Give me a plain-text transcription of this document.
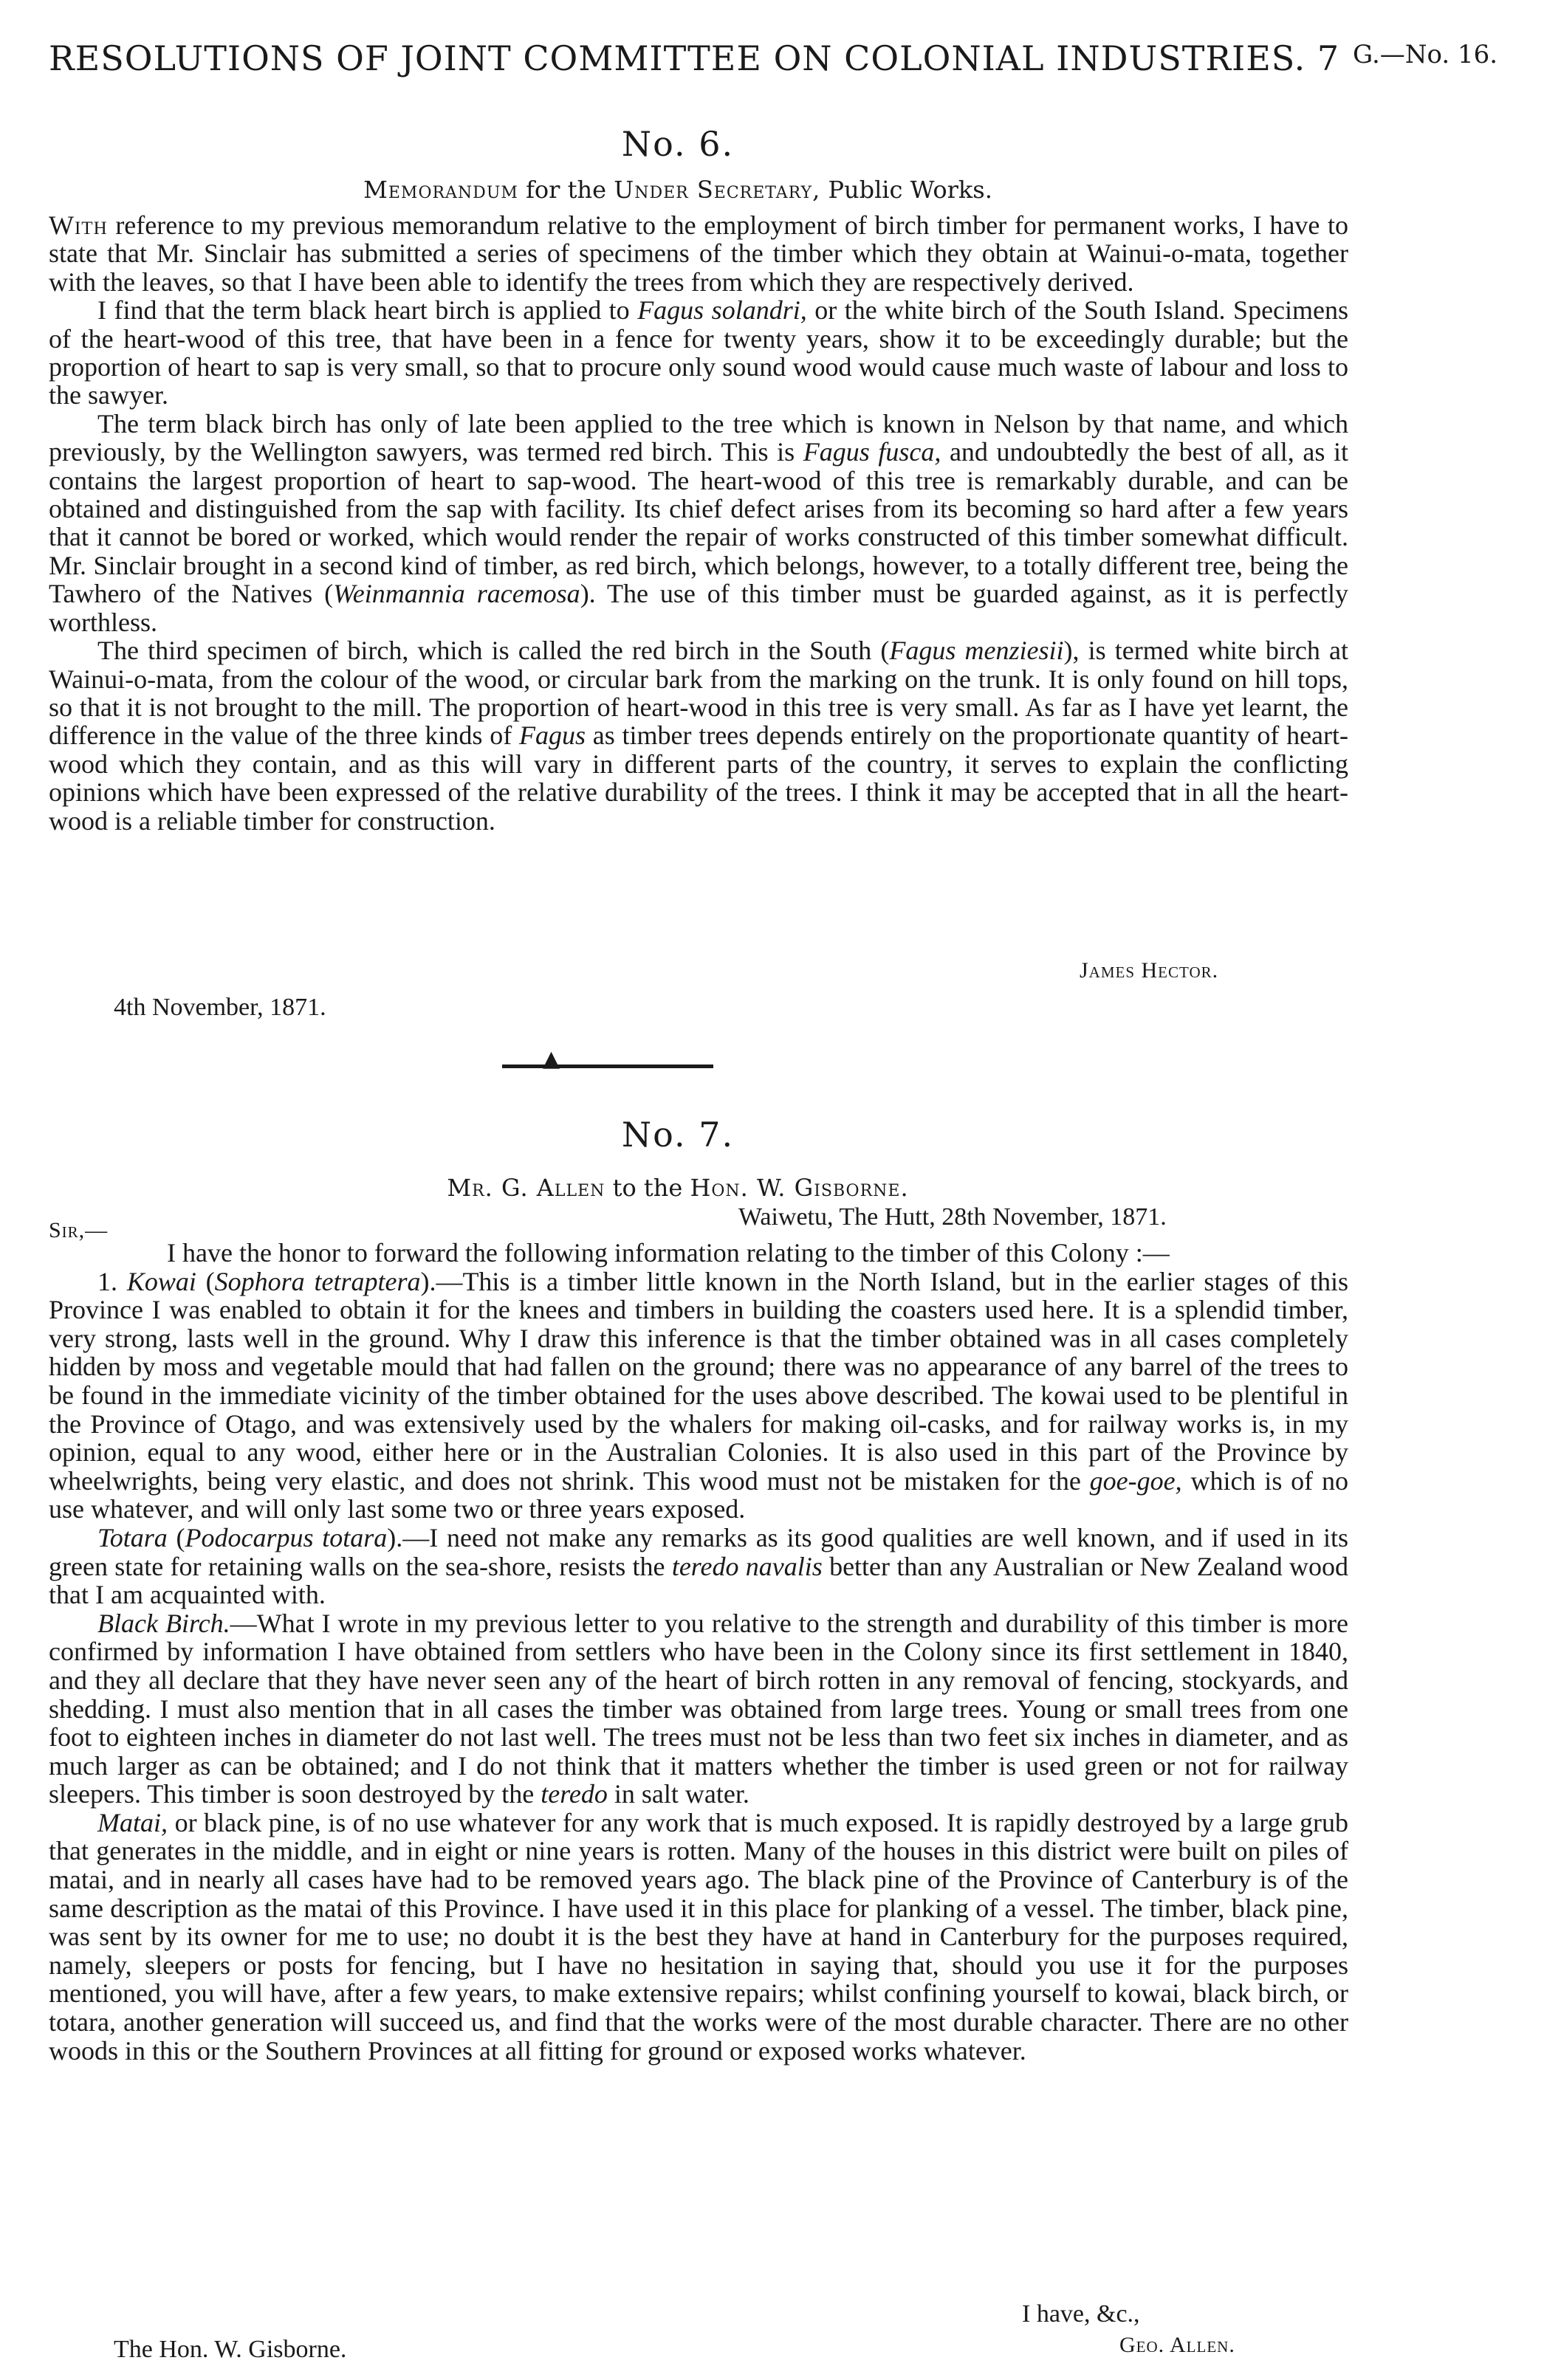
RESOLUTIONS OF JOINT COMMITTEE ON COLONIAL INDUSTRIES. 7 G.—No. 16.
No. 6.
Memorandum for the Under Secretary, Public Works.

With reference to my previous memorandum relative to the employment of birch timber for permanent works, I have to state that Mr. Sinclair has submitted a series of specimens of the timber which they obtain at Wainui-o-mata, together with the leaves, so that I have been able to identify the trees from which they are respectively derived.

I find that the term black heart birch is applied to Fagus solandri, or the white birch of the South Island. Specimens of the heart-wood of this tree, that have been in a fence for twenty years, show it to be exceedingly durable; but the proportion of heart to sap is very small, so that to procure only sound wood would cause much waste of labour and loss to the sawyer.

The term black birch has only of late been applied to the tree which is known in Nelson by that name, and which previously, by the Wellington sawyers, was termed red birch. This is Fagus fusca, and undoubtedly the best of all, as it contains the largest proportion of heart to sap-wood. The heart-wood of this tree is remarkably durable, and can be obtained and distinguished from the sap with facility. Its chief defect arises from its becoming so hard after a few years that it cannot be bored or worked, which would render the repair of works constructed of this timber somewhat difficult. Mr. Sinclair brought in a second kind of timber, as red birch, which belongs, however, to a totally different tree, being the Tawhero of the Natives (Weinmannia racemosa). The use of this timber must be guarded against, as it is perfectly worthless.

The third specimen of birch, which is called the red birch in the South (Fagus menziesii), is termed white birch at Wainui-o-mata, from the colour of the wood, or circular bark from the marking on the trunk. It is only found on hill tops, so that it is not brought to the mill. The proportion of heart-wood in this tree is very small. As far as I have yet learnt, the difference in the value of the three kinds of Fagus as timber trees depends entirely on the proportionate quantity of heart-wood which they contain, and as this will vary in different parts of the country, it serves to explain the conflicting opinions which have been expressed of the relative durability of the trees. I think it may be accepted that in all the heart-wood is a reliable timber for construction.

James Hector.
4th November, 1871.
▲
No. 7.
Mr. G. Allen to the Hon. W. Gisborne.
Sir,—	Waiwetu, The Hutt, 28th November, 1871.

I have the honor to forward the following information relating to the timber of this Colony :—

1. Kowai (Sophora tetraptera).—This is a timber little known in the North Island, but in the earlier stages of this Province I was enabled to obtain it for the knees and timbers in building the coasters used here. It is a splendid timber, very strong, lasts well in the ground. Why I draw this inference is that the timber obtained was in all cases completely hidden by moss and vegetable mould that had fallen on the ground; there was no appearance of any barrel of the trees to be found in the immediate vicinity of the timber obtained for the uses above described. The kowai used to be plentiful in the Province of Otago, and was extensively used by the whalers for making oil-casks, and for railway works is, in my opinion, equal to any wood, either here or in the Australian Colonies. It is also used in this part of the Province by wheelwrights, being very elastic, and does not shrink. This wood must not be mistaken for the goe-goe, which is of no use whatever, and will only last some two or three years exposed.

Totara (Podocarpus totara).—I need not make any remarks as its good qualities are well known, and if used in its green state for retaining walls on the sea-shore, resists the teredo navalis better than any Australian or New Zealand wood that I am acquainted with.

Black Birch.—What I wrote in my previous letter to you relative to the strength and durability of this timber is more confirmed by information I have obtained from settlers who have been in the Colony since its first settlement in 1840, and they all declare that they have never seen any of the heart of birch rotten in any removal of fencing, stockyards, and shedding. I must also mention that in all cases the timber was obtained from large trees. Young or small trees from one foot to eighteen inches in diameter do not last well. The trees must not be less than two feet six inches in diameter, and as much larger as can be obtained; and I do not think that it matters whether the timber is used green or not for railway sleepers. This timber is soon destroyed by the teredo in salt water.

Matai, or black pine, is of no use whatever for any work that is much exposed. It is rapidly destroyed by a large grub that generates in the middle, and in eight or nine years is rotten. Many of the houses in this district were built on piles of matai, and in nearly all cases have had to be removed years ago. The black pine of the Province of Canterbury is of the same description as the matai of this Province. I have used it in this place for planking of a vessel. The timber, black pine, was sent by its owner for me to use; no doubt it is the best they have at hand in Canterbury for the purposes required, namely, sleepers or posts for fencing, but I have no hesitation in saying that, should you use it for the purposes mentioned, you will have, after a few years, to make extensive repairs; whilst confining yourself to kowai, black birch, or totara, another generation will succeed us, and find that the works were of the most durable character. There are no other woods in this or the Southern Provinces at all fitting for ground or exposed works whatever.

I have, &c.,
Geo. Allen.
The Hon. W. Gisborne.
